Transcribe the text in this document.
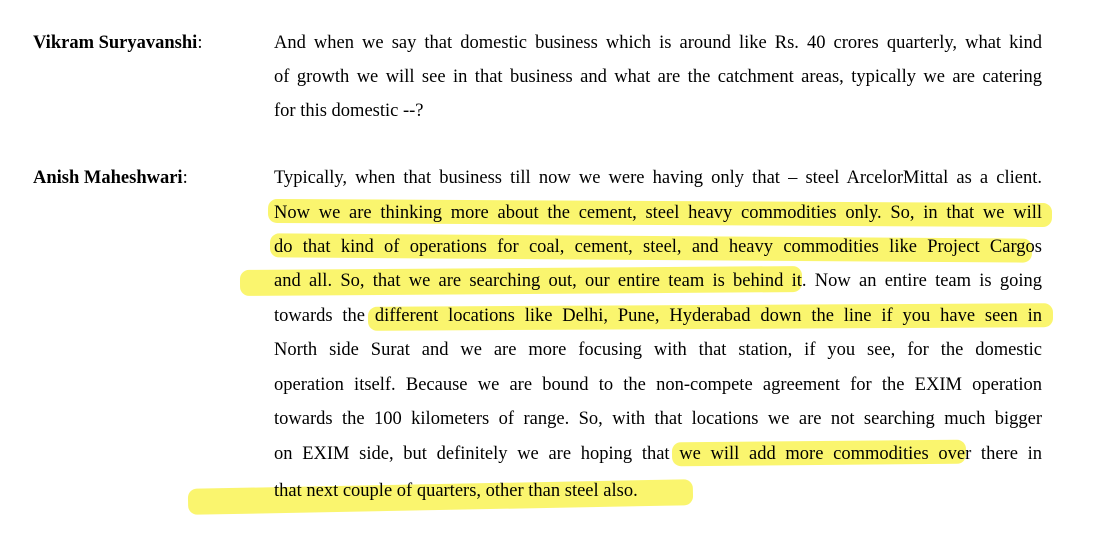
Vikram Suryavanshi:	And when we say that domestic business which is around like Rs. 40 crores quarterly, what kind
of growth we will see in that business and what are the catchment areas, typically we are catering
for this domestic --?
Anish Maheshwari:	Typically, when that business till now we were having only that – steel ArcelorMittal as a client.
Now we are thinking more about the cement, steel heavy commodities only. So, in that we will
do that kind of operations for coal, cement, steel, and heavy commodities like Project Cargos
and all. So, that we are searching out, our entire team is behind it. Now an entire team is going
towards the different locations like Delhi, Pune, Hyderabad down the line if you have seen in
North side Surat and we are more focusing with that station, if you see, for the domestic
operation itself. Because we are bound to the non-compete agreement for the EXIM operation
towards the 100 kilometers of range. So, with that locations we are not searching much bigger
on EXIM side, but definitely we are hoping that we will add more commodities over there in
that next couple of quarters, other than steel also.
